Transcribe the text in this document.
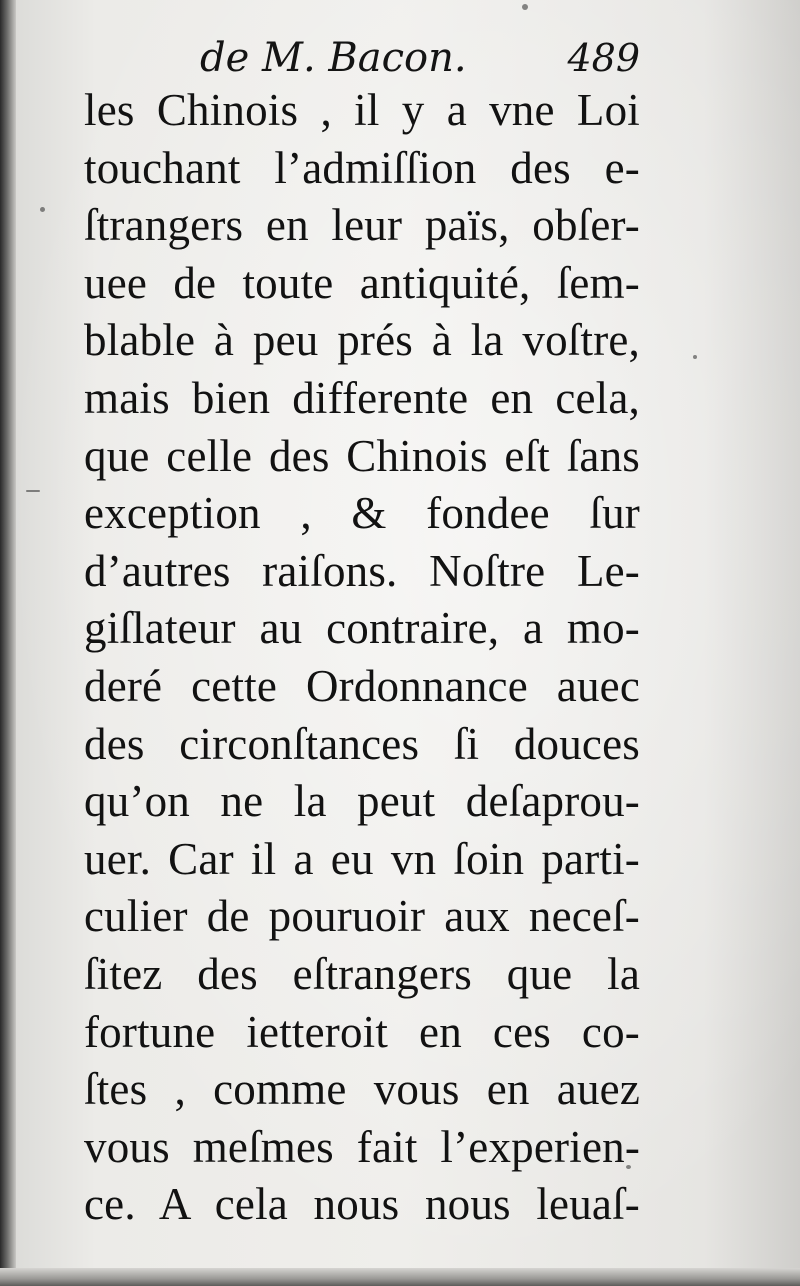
de M. Bacon.	489
les Chinois , il y a vne Loi
touchant l’admiſſion des e-
ſtrangers en leur païs, obſer-
uee de toute antiquité, ſem-
blable à peu prés à la voſtre,
mais bien differente en cela,
que celle des Chinois eſt ſans
exception , & fondee ſur
d’autres raiſons. Noſtre Le-
giſlateur au contraire, a mo-
deré cette Ordonnance auec
des circonſtances ſi douces
qu’on ne la peut deſaprou-
uer. Car il a eu vn ſoin parti-
culier de pouruoir aux neceſ-
ſitez des eſtrangers que la
fortune ietteroit en ces co-
ſtes , comme vous en auez
vous meſmes fait l’experien-
ce. A cela nous nous leuaſ-
